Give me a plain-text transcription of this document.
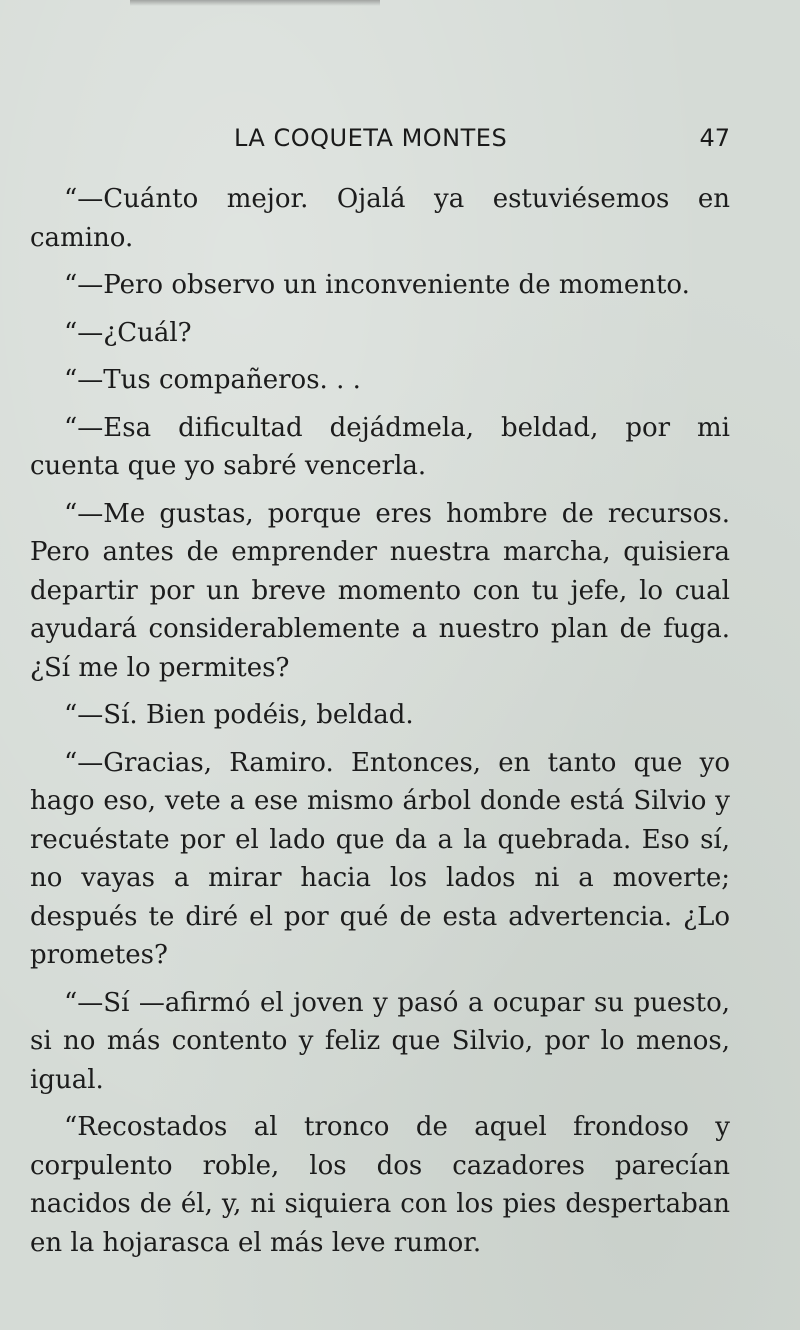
LA COQUETA MONTES	47

“—Cuánto mejor. Ojalá ya estuviésemos en camino.

“—Pero observo un inconveniente de momento.

“—¿Cuál?

“—Tus compañeros. . .

“—Esa dificultad dejádmela, beldad, por mi cuenta que yo sabré vencerla.

“—Me gustas, porque eres hombre de recursos. Pero antes de emprender nuestra marcha, quisiera departir por un breve momento con tu jefe, lo cual ayudará considerablemente a nuestro plan de fuga. ¿Sí me lo permites?

“—Sí. Bien podéis, beldad.

“—Gracias, Ramiro. Entonces, en tanto que yo hago eso, vete a ese mismo árbol donde está Silvio y recuéstate por el lado que da a la quebrada. Eso sí, no vayas a mirar hacia los lados ni a moverte; después te diré el por qué de esta advertencia. ¿Lo prometes?

“—Sí —afirmó el joven y pasó a ocupar su puesto, si no más contento y feliz que Silvio, por lo menos, igual.

“Recostados al tronco de aquel frondoso y corpulento roble, los dos cazadores parecían nacidos de él, y, ni siquiera con los pies despertaban en la hojarasca el más leve rumor.
